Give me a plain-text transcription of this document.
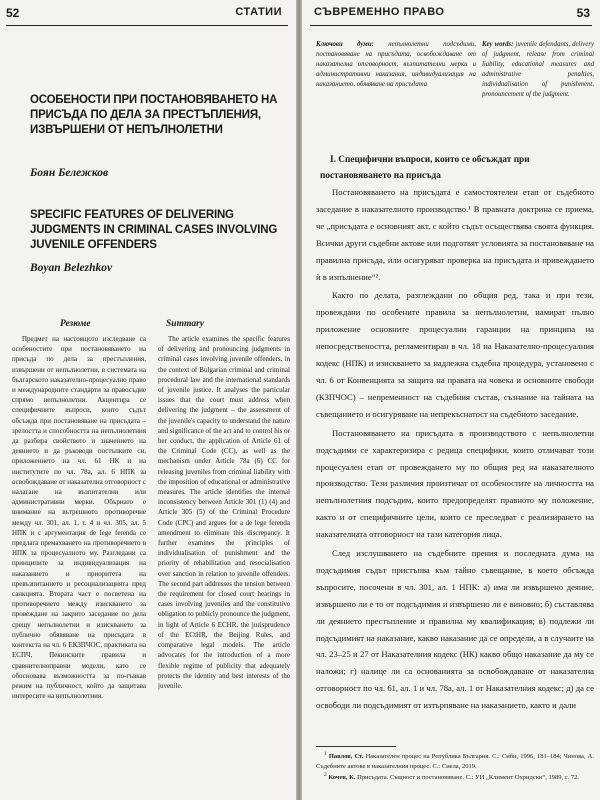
52	СТАТИИ
ОСОБЕНОСТИ ПРИ ПОСТАНОВЯВАНЕТО НА ПРИСЪДА ПО ДЕЛА ЗА ПРЕСТЪПЛЕНИЯ, ИЗВЪРШЕНИ ОТ НЕПЪЛНОЛЕТНИ
Боян Бележков
SPECIFIC FEATURES OF DELIVERING JUDGMENTS IN CRIMINAL CASES INVOLVING JUVENILE OFFENDERS
Boyan Belezhkov
Резюме	Summary
Предмет на настоящото изследване са особеностите при постановяването на присъда по дела за престъпления, извършени от непълнолетни, в системата на българското наказателно-процесуално право и международните стандарти за правосъдие спрямо непълнолетни. Акцентира се специфичните въпроси, които съдът обсъжда при постановяване на присъдата – зрелостта и способността на непълнолетния да разбира свойството и значението на деянието и да ръководи постъпките си, приложението на чл. 61 НК и на институтите по чл. 78а, ал. 6 НПК за освобождаване от наказателна отговорност с налагане на възпитателни или административни мерки. Обърнато е внимание на вътрешното противоречие между чл. 301, ал. 1, т. 4 и чл. 305, ал. 5 НПК и с аргументация de lege ferenda се предлага премахването на противоречието в НПК за процесуалното му. Разгледани са принципите за индивидуализация на наказанието и приоритета на превъзпитанието и ресоциализацията пред санкцията. Втората част е посветена на противоречието между изискването за провеждане на закрито заседание по дела срещу непълнолетни и изискването за публично обявяване на присъдата в контекста на чл. 6 ЕКЗПЧОС, практиката на ЕСПЧ, Пекинските правила и сравнителноправни модели, като се обосновава възможността за по-гъвкав режим на публичност, който да защитава интересите на непълнолетния.
The article examines the specific features of delivering and pronouncing judgments in criminal cases involving juvenile offenders, in the context of Bulgarian criminal and criminal procedural law and the international standards of juvenile justice. It analyses the particular issues that the court must address when delivering the judgment – the assessment of the juvenile's capacity to understand the nature and significance of the act and to control his or her conduct, the application of Article 61 of the Criminal Code (CC), as well as the mechanism under Article 78a (6) CC for releasing juveniles from criminal liability with the imposition of educational or administrative measures. The article identifies the internal inconsistency between Article 301 (1) (4) and Article 305 (5) of the Criminal Procedure Code (CPC) and argues for a de lege ferenda amendment to eliminate this discrepancy. It further examines the principles of individualisation of punishment and the priority of rehabilitation and resocialisation over sanction in relation to juvenile offenders. The second part addresses the tension between the requirement for closed court hearings in cases involving juveniles and the constitutive obligation to publicly pronounce the judgment, in light of Article 6 ECHR, the jurisprudence of the ECtHR, the Beijing Rules, and comparative legal models. The article advocates for the introduction of a more flexible regime of publicity that adequately protects the identity and best interests of the juvenile.
СЪВРЕМЕННО ПРАВО	53
Ключови думи: непълнолетни подсъдими, постановяване на присъдата, освобождаване от наказателна отговорност, възпитателни мерки и административни наказания, индивидуализация на наказанието, обявяване на присъдата
Key words: juvenile defendants, delivery of judgment, release from criminal liability, educational measures and administrative penalties, individualisation of punishment, pronouncement of the judgment.
I. Специфични въпроси, които се обсъждат при постановяването на присъда

Постановяването на присъдата е самостоятелен етап от съдебното заседание в наказателното производство.¹ В правната доктрина се приема, че „присъдата е основният акт, с който съдът осъществява своята функция. Всички други съдебни актове или подготвят условията за постановяване на правилна присъда, или осигуряват проверка на присъдата и привеждането ѝ в изпълнение“².

Както по делата, разглеждани по общия ред, така и при тези, провеждани по особените правила за непълнолетни, намират пълно приложение основните процесуални гаранции на принципа на непосредствеността, регламентиран в чл. 18 на Наказателно-процесуалния кодекс (НПК) и изискването за надлежна съдебна процедура, установено с чл. 6 от Конвенцията за защита на правата на човека и основните свободи (КЗПЧОС) – непременност на съдебния състав, съзнание на тайната на съвещанието и осигуряване на непрекъснатост на съдебното заседание.

Постановяването на присъдата в производството с непълнолетни подсъдими се характеризира с редица специфики, които отличават този процесуален етап от провеждането му по общия ред на наказателното производство. Тези различия произтичат от особеностите на личността на непълнолетния подсъдим, които предопределят правното му положение, както и от специфичните цели, които се преследват с реализирането на наказателната отговорност на тази категория лица.

След изслушването на съдебните прения и последната дума на подсъдимия съдът пристъпва към тайно съвещание, в което обсъжда въпросите, посочени в чл. 301, ал. 1 НПК: а) има ли извършено деяние, извършено ли е то от подсъдимия и извършено ли е виновно; б) съставлява ли деянието престъпление и правилна му квалификация; в) подлежи ли подсъдимият на наказание, какво наказание да се определи, а в случаите на чл. 23–25 и 27 от Наказателния кодекс (НК) какво общо наказание да му се наложи; г) налице ли са основанията за освобождаване от наказателна отговорност по чл. 61, ал. 1 и чл. 78а, ал. 1 от Наказателния кодекс; д) да се освободи ли подсъдимият от изтърпяване на наказанието, както и дали

$^1$ Павлов, Ст. Наказателен процес на Република България. С.: Сиби, 1996, 181–184; Чинова, А. Съдебните актове в наказателния процес. С.: Сиела, 2019.
$^2$ Кочев, К. Присъдата. Същност и постановяване. С.: УИ „Климент Охридски“, 1989, с. 72.
